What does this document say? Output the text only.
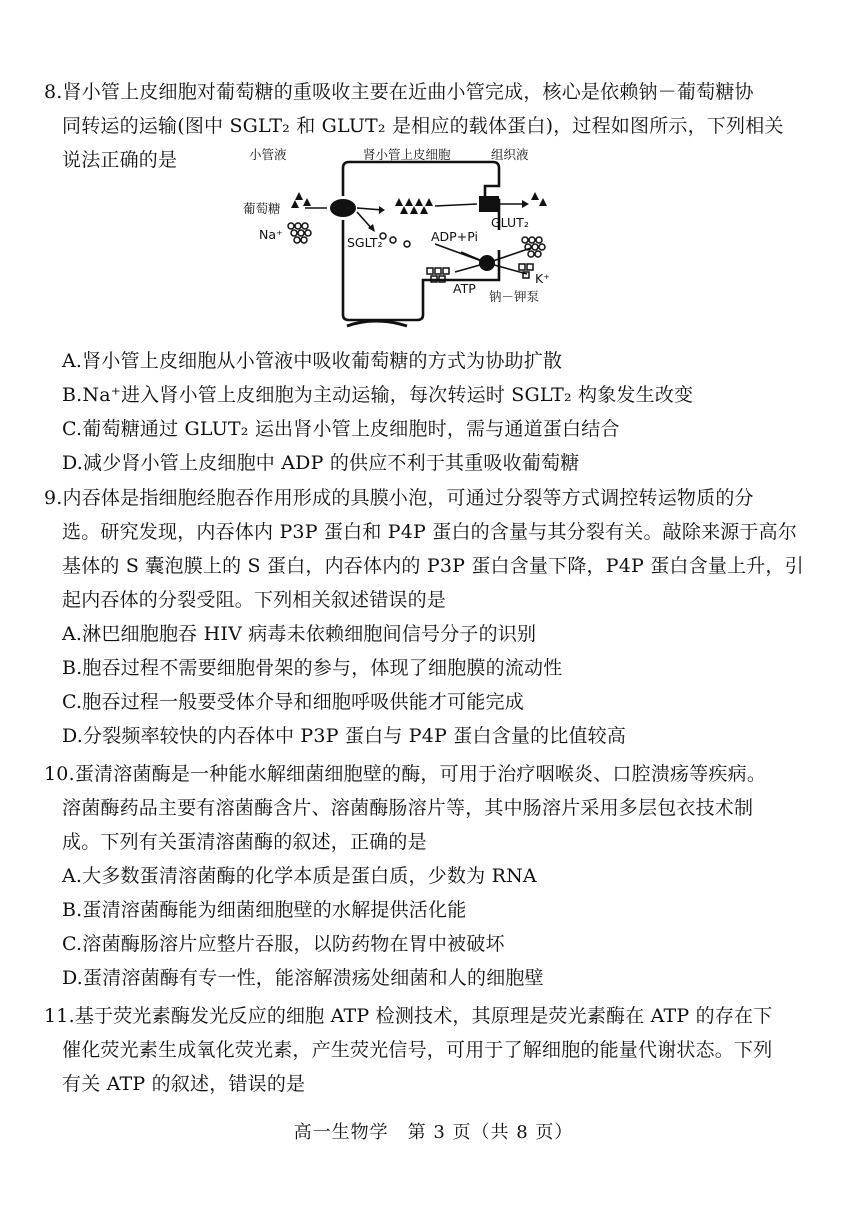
8.肾小管上皮细胞对葡萄糖的重吸收主要在近曲小管完成，核心是依赖钠－葡萄糖协
同转运的运输(图中 SGLT₂ 和 GLUT₂ 是相应的载体蛋白)，过程如图所示，下列相关
说法正确的是	小管液	肾小管上皮细胞	组织液
葡萄糖
Na⁺
SGLT₂
GLUT₂
ADP+Pi
ATP
K⁺
钠－钾泵
A.肾小管上皮细胞从小管液中吸收葡萄糖的方式为协助扩散
B.Na⁺进入肾小管上皮细胞为主动运输，每次转运时 SGLT₂ 构象发生改变
C.葡萄糖通过 GLUT₂ 运出肾小管上皮细胞时，需与通道蛋白结合
D.减少肾小管上皮细胞中 ADP 的供应不利于其重吸收葡萄糖
9.内吞体是指细胞经胞吞作用形成的具膜小泡，可通过分裂等方式调控转运物质的分
选。研究发现，内吞体内 P3P 蛋白和 P4P 蛋白的含量与其分裂有关。敲除来源于高尔
基体的 S 囊泡膜上的 S 蛋白，内吞体内的 P3P 蛋白含量下降，P4P 蛋白含量上升，引
起内吞体的分裂受阻。下列相关叙述错误的是
A.淋巴细胞胞吞 HIV 病毒未依赖细胞间信号分子的识别
B.胞吞过程不需要细胞骨架的参与，体现了细胞膜的流动性
C.胞吞过程一般要受体介导和细胞呼吸供能才可能完成
D.分裂频率较快的内吞体中 P3P 蛋白与 P4P 蛋白含量的比值较高
10.蛋清溶菌酶是一种能水解细菌细胞壁的酶，可用于治疗咽喉炎、口腔溃疡等疾病。
溶菌酶药品主要有溶菌酶含片、溶菌酶肠溶片等，其中肠溶片采用多层包衣技术制
成。下列有关蛋清溶菌酶的叙述，正确的是
A.大多数蛋清溶菌酶的化学本质是蛋白质，少数为 RNA
B.蛋清溶菌酶能为细菌细胞壁的水解提供活化能
C.溶菌酶肠溶片应整片吞服，以防药物在胃中被破坏
D.蛋清溶菌酶有专一性，能溶解溃疡处细菌和人的细胞壁
11.基于荧光素酶发光反应的细胞 ATP 检测技术，其原理是荧光素酶在 ATP 的存在下
催化荧光素生成氧化荧光素，产生荧光信号，可用于了解细胞的能量代谢状态。下列
有关 ATP 的叙述，错误的是
高一生物学　第 3 页（共 8 页）
